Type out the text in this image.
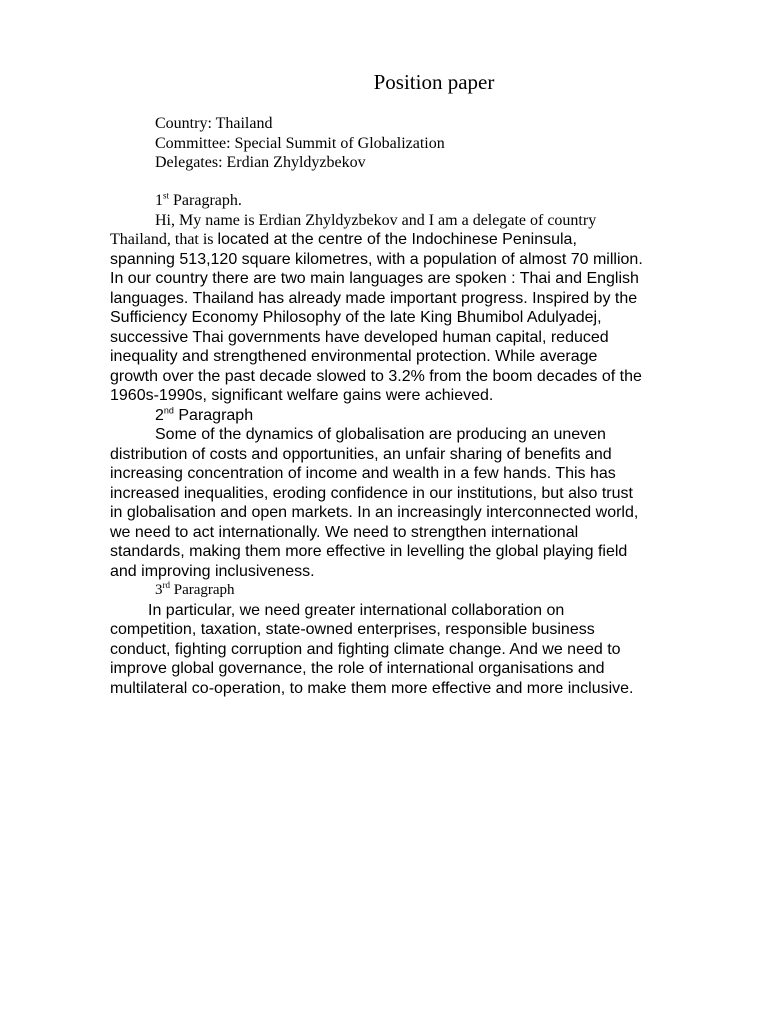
Position paper
Country: Thailand
Committee: Special Summit of Globalization
Delegates: Erdian Zhyldyzbekov
1st Paragraph.
Hi, My name is Erdian Zhyldyzbekov and I am a delegate of country
Thailand, that is located at the centre of the Indochinese Peninsula,
spanning 513,120 square kilometres, with a population of almost 70 million.
In our country there are two main languages are spoken : Thai and English
languages. Thailand has already made important progress. Inspired by the
Sufficiency Economy Philosophy of the late King Bhumibol Adulyadej,
successive Thai governments have developed human capital, reduced
inequality and strengthened environmental protection. While average
growth over the past decade slowed to 3.2% from the boom decades of the
1960s-1990s, significant welfare gains were achieved.
2nd Paragraph
Some of the dynamics of globalisation are producing an uneven
distribution of costs and opportunities, an unfair sharing of benefits and
increasing concentration of income and wealth in a few hands. This has
increased inequalities, eroding confidence in our institutions, but also trust
in globalisation and open markets. In an increasingly interconnected world,
we need to act internationally. We need to strengthen international
standards, making them more effective in levelling the global playing field
and improving inclusiveness.
3rd Paragraph
In particular, we need greater international collaboration on
competition, taxation, state-owned enterprises, responsible business
conduct, fighting corruption and fighting climate change. And we need to
improve global governance, the role of international organisations and
multilateral co-operation, to make them more effective and more inclusive.
